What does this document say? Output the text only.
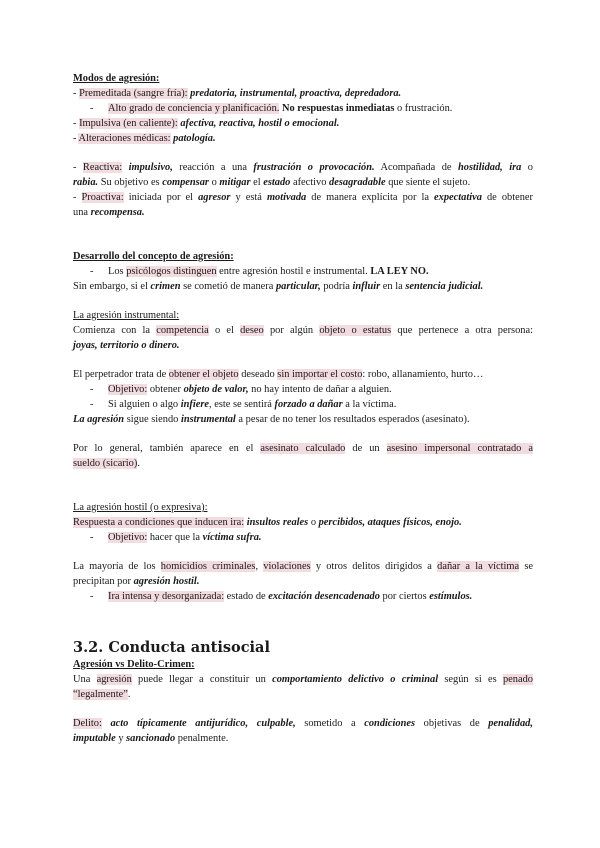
Modos de agresión:
- Premeditada (sangre fría): predatoria, instrumental, proactiva, depredadora.
- Alto grado de conciencia y planificación. No respuestas inmediatas o frustración.
- Impulsiva (en caliente): afectiva, reactiva, hostil o emocional.
- Alteraciones médicas: patología.
- Reactiva: impulsivo, reacción a una frustración o provocación. Acompañada de hostilidad, ira o
rabia. Su objetivo es compensar o mitigar el estado afectivo desagradable que siente el sujeto.
- Proactiva: iniciada por el agresor y está motivada de manera explícita por la expectativa de obtener
una recompensa.
Desarrollo del concepto de agresión:
- Los psicólogos distinguen entre agresión hostil e instrumental. LA LEY NO.
Sin embargo, si el crimen se cometió de manera particular, podría influir en la sentencia judicial.
La agresión instrumental:
Comienza con la competencia o el deseo por algún objeto o estatus que pertenece a otra persona:
joyas, territorio o dinero.
El perpetrador trata de obtener el objeto deseado sin importar el costo: robo, allanamiento, hurto…
- Objetivo: obtener objeto de valor, no hay intento de dañar a alguien.
- Si alguien o algo infiere, este se sentirá forzado a dañar a la víctima.
La agresión sigue siendo instrumental a pesar de no tener los resultados esperados (asesinato).
Por lo general, también aparece en el asesinato calculado de un asesino impersonal contratado a
sueldo (sicario).
La agresión hostil (o expresiva):
Respuesta a condiciones que inducen ira: insultos reales o percibidos, ataques físicos, enojo.
- Objetivo: hacer que la víctima sufra.
La mayoría de los homicidios criminales, violaciones y otros delitos dirigidos a dañar a la víctima se
precipitan por agresión hostil.
- Ira intensa y desorganizada: estado de excitación desencadenado por ciertos estímulos.
3.2. Conducta antisocial
Agresión vs Delito-Crimen:
Una agresión puede llegar a constituir un comportamiento delictivo o criminal según si es penado
“legalmente”.
Delito: acto típicamente antijurídico, culpable, sometido a condiciones objetivas de penalidad,
imputable y sancionado penalmente.
